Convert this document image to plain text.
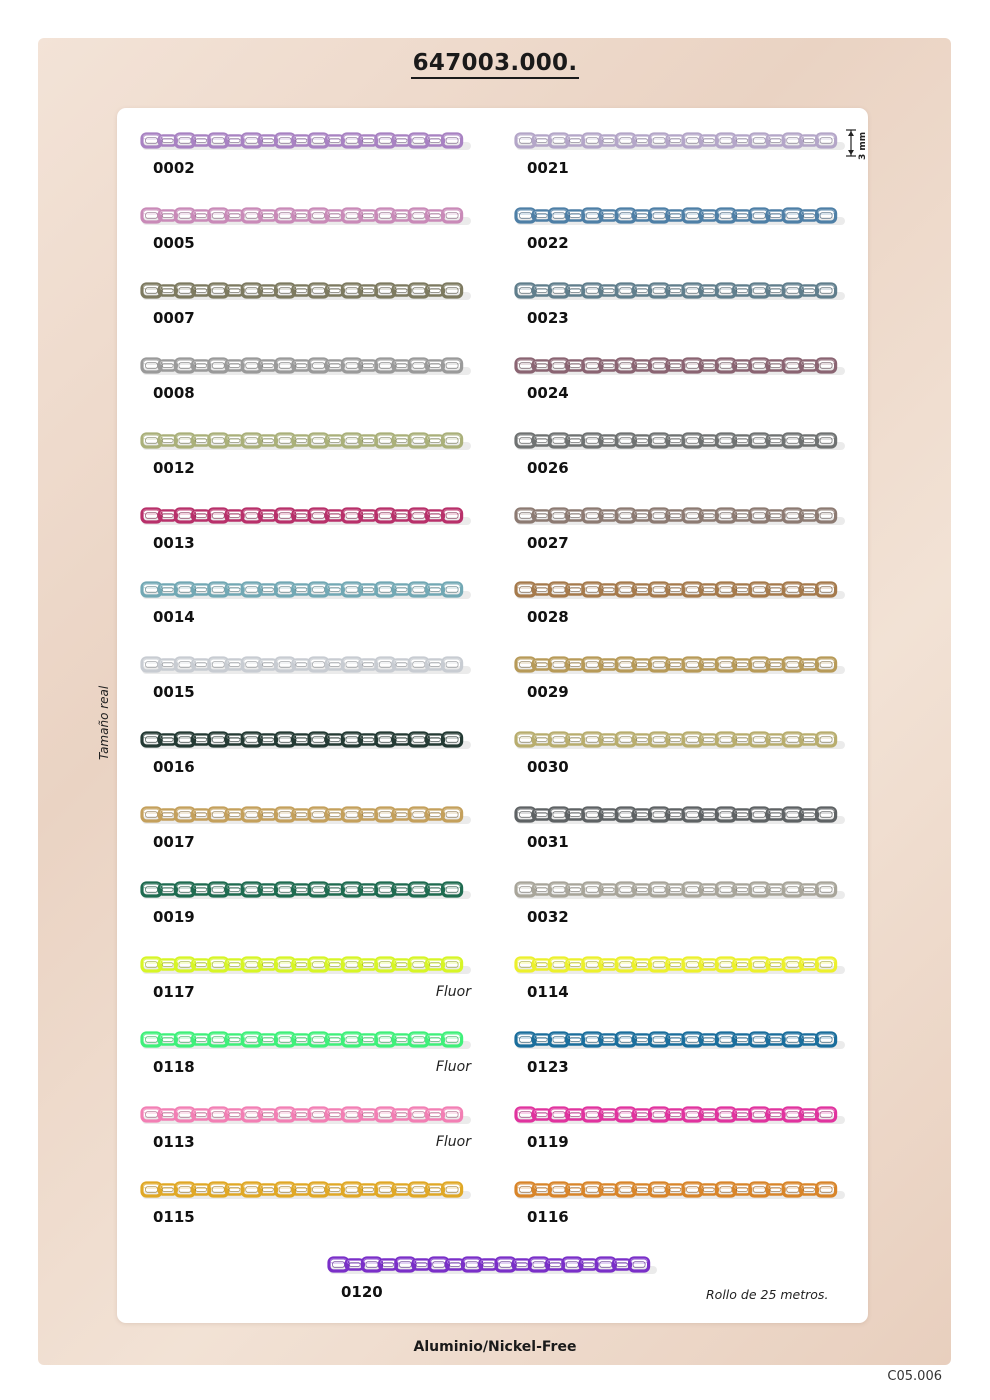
647003.000.
Tamaño real
3 mm
0002
0005
0007
0008
0012
0013
0014
0015
0016
0017
0019
0117	Fluor
0118	Fluor
0113	Fluor
0115
0021
0022
0023
0024
0026
0027
0028
0029
0030
0031
0032
0114
0123
0119
0116
0120	Rollo de 25 metros.
Aluminio/Nickel-Free
C05.006
